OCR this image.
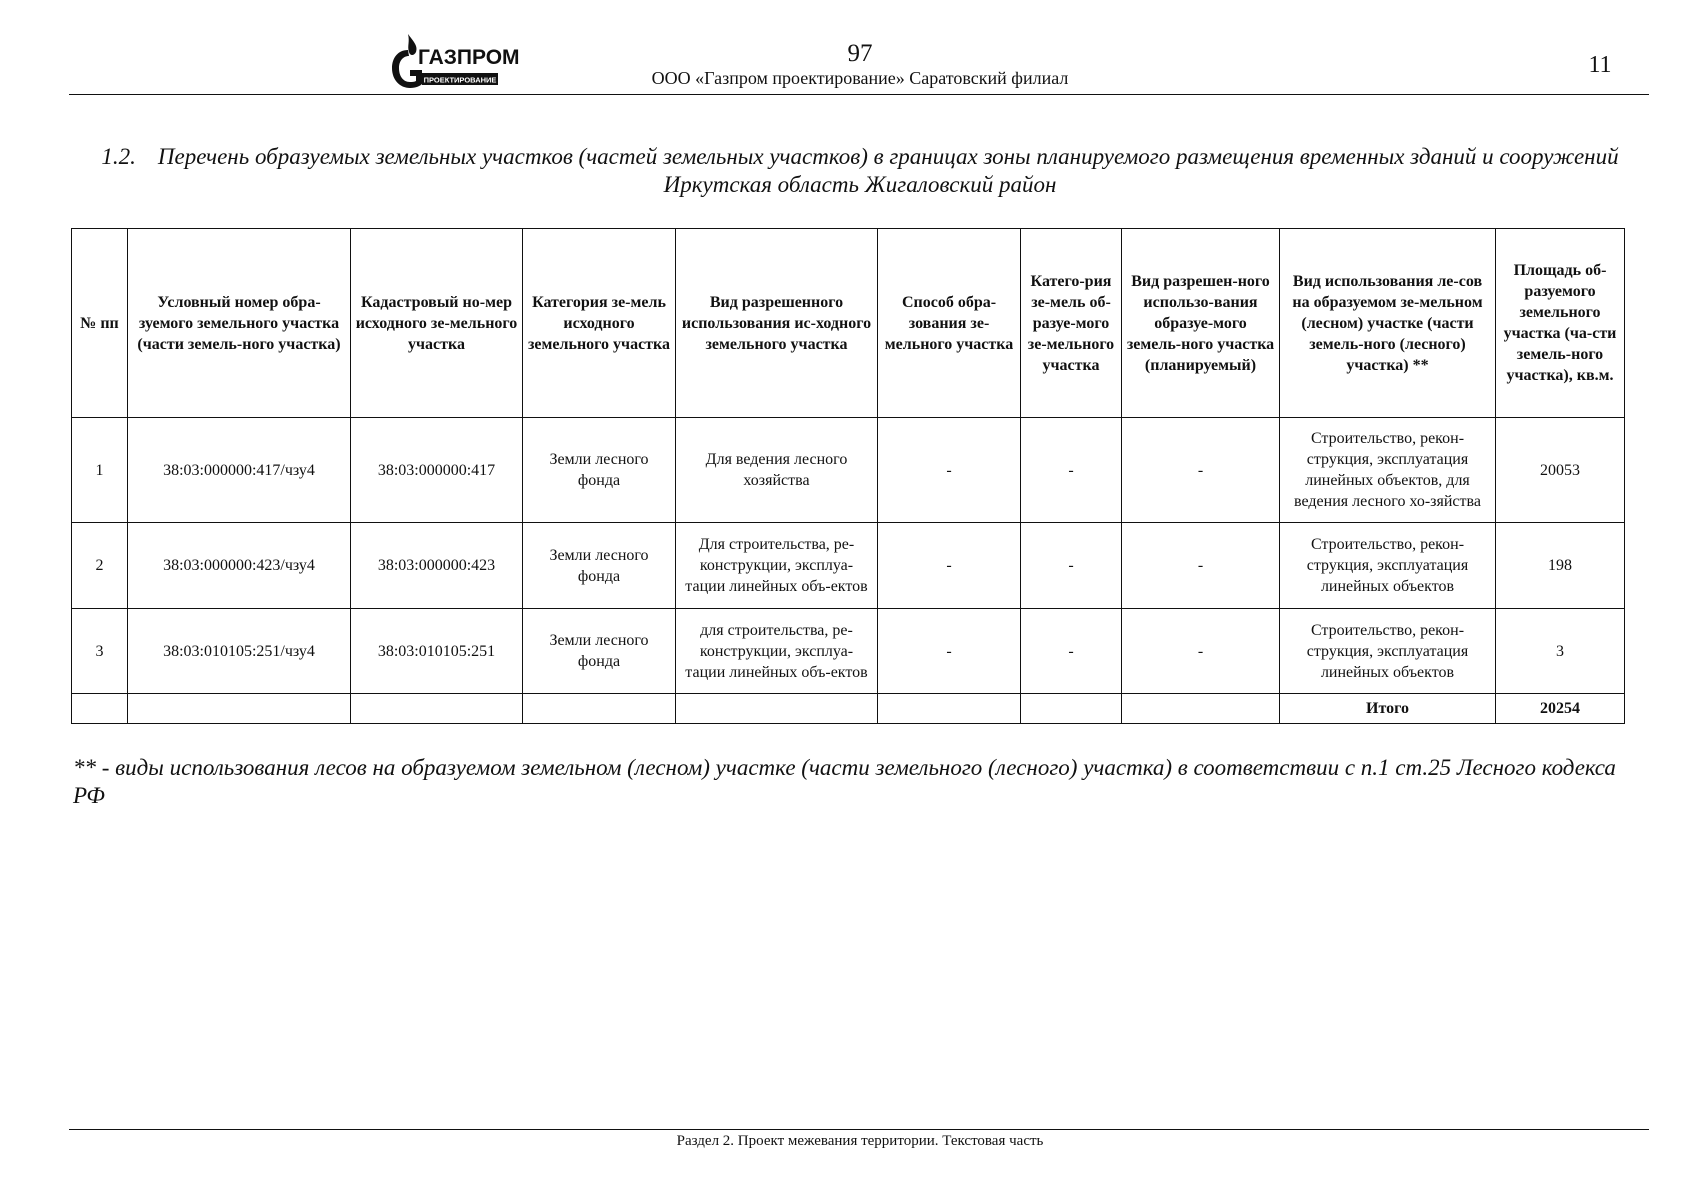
ГАЗПРОМ
ПРОЕКТИРОВАНИЕ
97
ООО «Газпром проектирование» Саратовский филиал	11
1.2. Перечень образуемых земельных участков (частей земельных участков) в границах зоны планируемого размещения временных зданий и сооружений Иркутская область Жигаловский район
№ пп	Условный номер обра-зуемого земельного участка (части земель-ного участка)	Кадастровый но-мер исходного зе-мельного участка	Категория зе-мель исходного земельного участка	Вид разрешенного использования ис-ходного земельного участка	Способ обра-зования зе-мельного участка	Катего-рия зе-мель об-разуе-мого зе-мельного участка	Вид разрешен-ного использо-вания образуе-мого земель-ного участка (планируемый)	Вид использования ле-сов на образуемом зе-мельном (лесном) участке (части земель-ного (лесного) участка) **	Площадь об-разуемого земельного участка (ча-сти земель-ного участка), кв.м.
1	38:03:000000:417/чзу4	38:03:000000:417	Земли лесного фонда	Для ведения лесного хозяйства	-	-	-	Строительство, рекон-струкция, эксплуатация линейных объектов, для ведения лесного хо-зяйства	20053
2	38:03:000000:423/чзу4	38:03:000000:423	Земли лесного фонда	Для строительства, ре-конструкции, эксплуа-тации линейных объ-ектов	-	-	-	Строительство, рекон-струкция, эксплуатация линейных объектов	198
3	38:03:010105:251/чзу4	38:03:010105:251	Земли лесного фонда	для строительства, ре-конструкции, эксплуа-тации линейных объ-ектов	-	-	-	Строительство, рекон-струкция, эксплуатация линейных объектов	3
								Итого	20254
** - виды использования лесов на образуемом земельном (лесном) участке (части земельного (лесного) участка) в соответствии с п.1 ст.25 Лесного кодекса РФ
Раздел 2. Проект межевания территории. Текстовая часть
